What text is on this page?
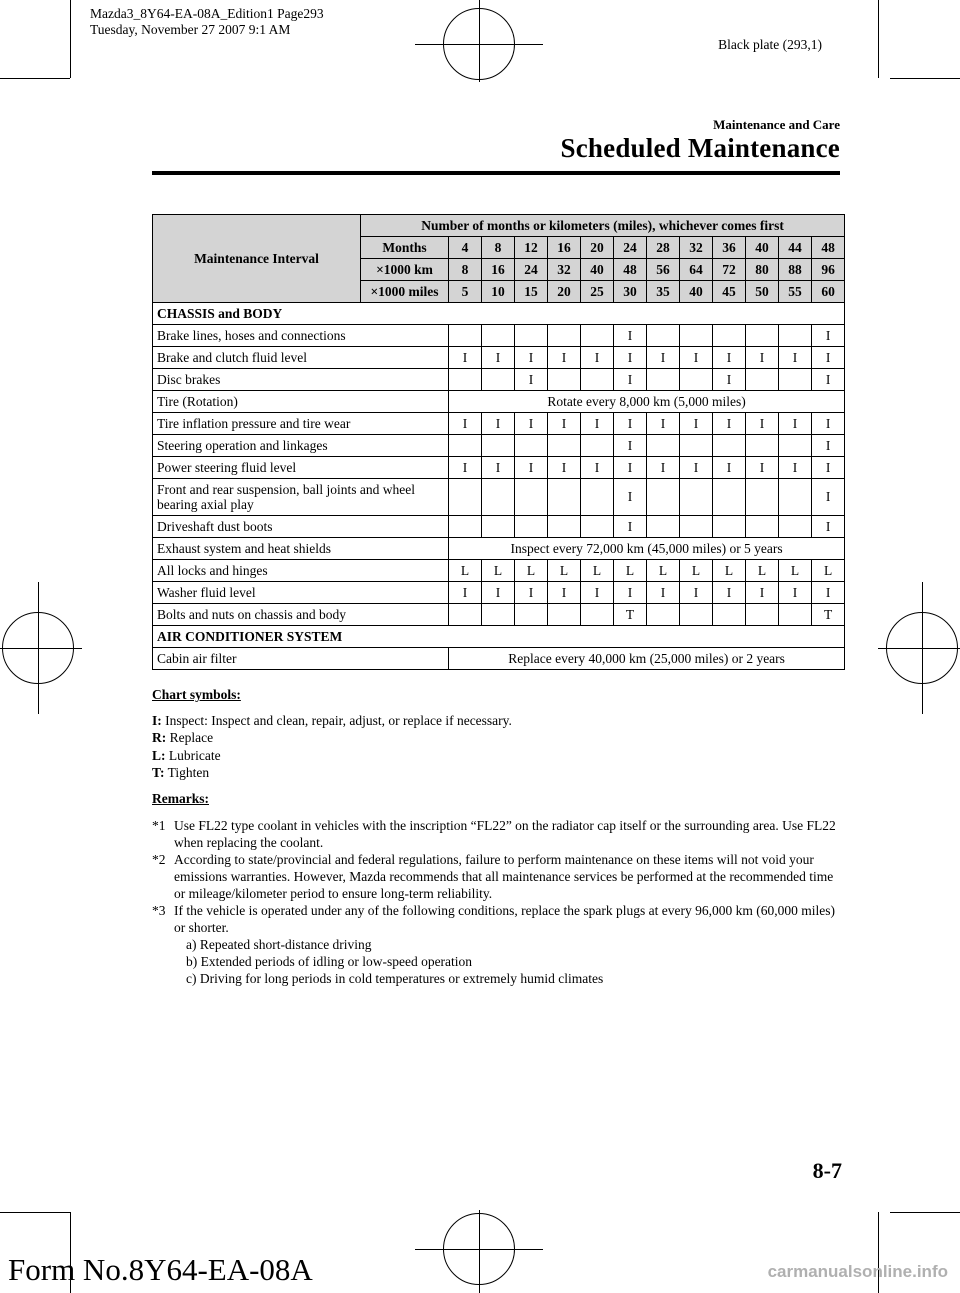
Mazda3_8Y64-EA-08A_Edition1 Page293
Tuesday, November 27 2007 9:1 AM
Black plate (293,1)
Maintenance and Care
Scheduled Maintenance
Maintenance Interval	Number of months or kilometers (miles), whichever comes first												
	Months	4	8	12	16	20	24	28	32	36	40	44	48
	×1000 km	8	16	24	32	40	48	56	64	72	80	88	96
	×1000 miles	5	10	15	20	25	30	35	40	45	50	55	60
CHASSIS and BODY													
Brake lines, hoses and connections							I						I
Brake and clutch fluid level		I	I	I	I	I	I	I	I	I	I	I	I
Disc brakes				I			I			I			I
Tire (Rotation)		Rotate every 8,000 km (5,000 miles)											
Tire inflation pressure and tire wear		I	I	I	I	I	I	I	I	I	I	I	I
Steering operation and linkages							I						I
Power steering fluid level		I	I	I	I	I	I	I	I	I	I	I	I
Front and rear suspension, ball joints and wheel bearing axial play							I						I
Driveshaft dust boots							I						I
Exhaust system and heat shields		Inspect every 72,000 km (45,000 miles) or 5 years											
All locks and hinges		L	L	L	L	L	L	L	L	L	L	L	L
Washer fluid level		I	I	I	I	I	I	I	I	I	I	I	I
Bolts and nuts on chassis and body							T						T
AIR CONDITIONER SYSTEM													
Cabin air filter		Replace every 40,000 km (25,000 miles) or 2 years											
Chart symbols:
I: Inspect: Inspect and clean, repair, adjust, or replace if necessary.
R: Replace
L: Lubricate
T: Tighten
Remarks:
*1 Use FL22 type coolant in vehicles with the inscription “FL22” on the radiator cap itself or the surrounding area. Use FL22 when replacing the coolant.

*2 According to state/provincial and federal regulations, failure to perform maintenance on these items will not void your emissions warranties. However, Mazda recommends that all maintenance services be performed at the recommended time or mileage/kilometer period to ensure long-term reliability.

*3 If the vehicle is operated under any of the following conditions, replace the spark plugs at every 96,000 km (60,000 miles) or shorter.

a) Repeated short-distance driving

b) Extended periods of idling or low-speed operation

c) Driving for long periods in cold temperatures or extremely humid climates

8-7
Form No.8Y64-EA-08A	carmanualsonline.info
